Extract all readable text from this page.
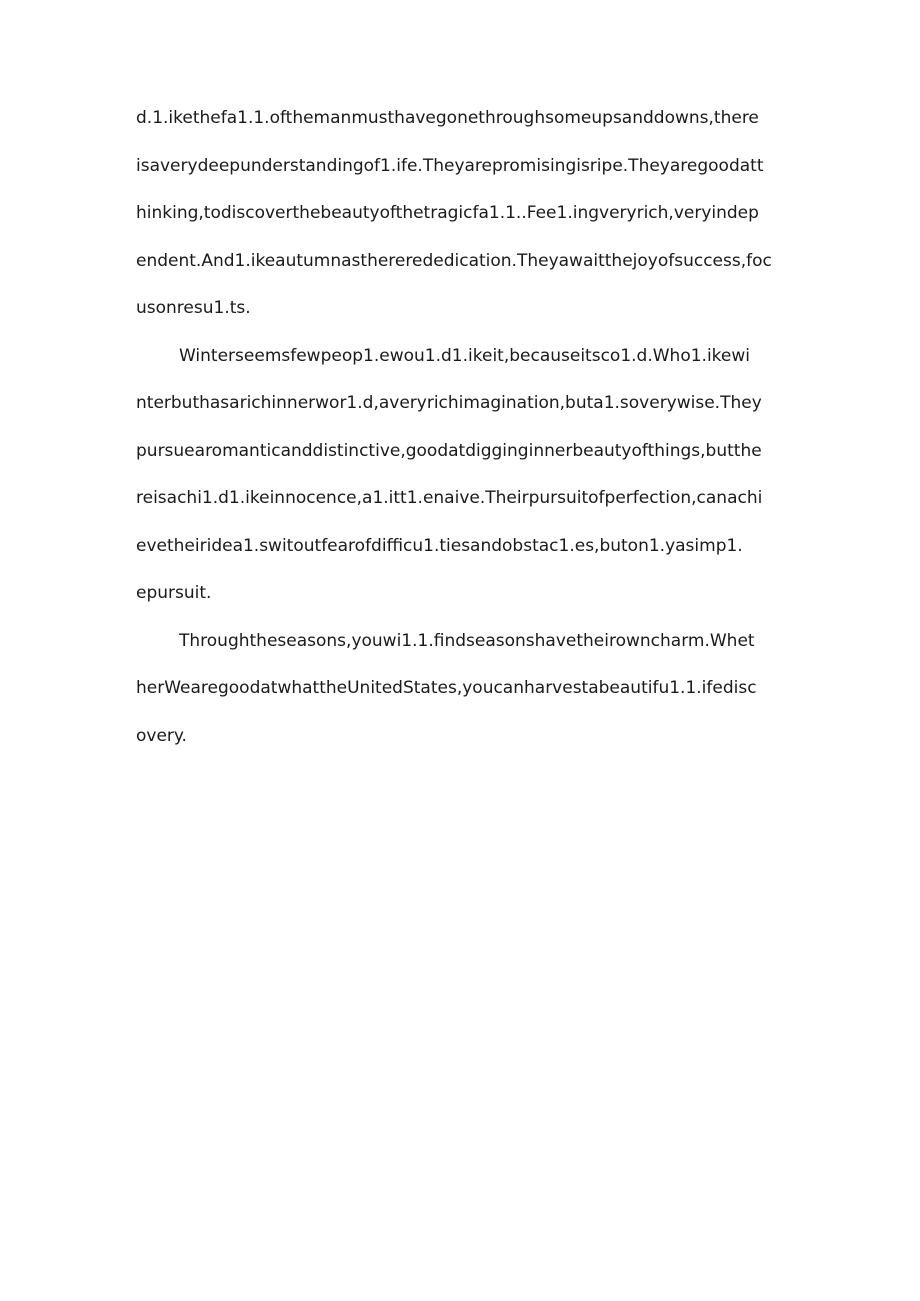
d.1.ikethefa1.1.ofthemanmusthavegonethroughsomeupsanddowns,there
isaverydeepunderstandingof1.ife.Theyarepromisingisripe.Theyaregoodatt
hinking,todiscoverthebeautyofthetragicfa1.1..Fee1.ingveryrich,veryindep
endent.And1.ikeautumnasthererededication.Theyawaitthejoyofsuccess,foc
usonresu1.ts.

Winterseemsfewpeop1.ewou1.d1.ikeit,becauseitsco1.d.Who1.ikewi
nterbuthasarichinnerwor1.d,averyrichimagination,buta1.soverywise.They
pursuearomanticanddistinctive,goodatdigginginnerbeautyofthings,butthe
reisachi1.d1.ikeinnocence,a1.itt1.enaive.Theirpursuitofperfection,canachi
evetheiridea1.switoutfearofdifficu1.tiesandobstac1.es,buton1.yasimp1.
epursuit.

Throughtheseasons,youwi1.1.findseasonshavetheirowncharm.Whet
herWearegoodatwhattheUnitedStates,youcanharvestabeautifu1.1.ifedisc
overy.
